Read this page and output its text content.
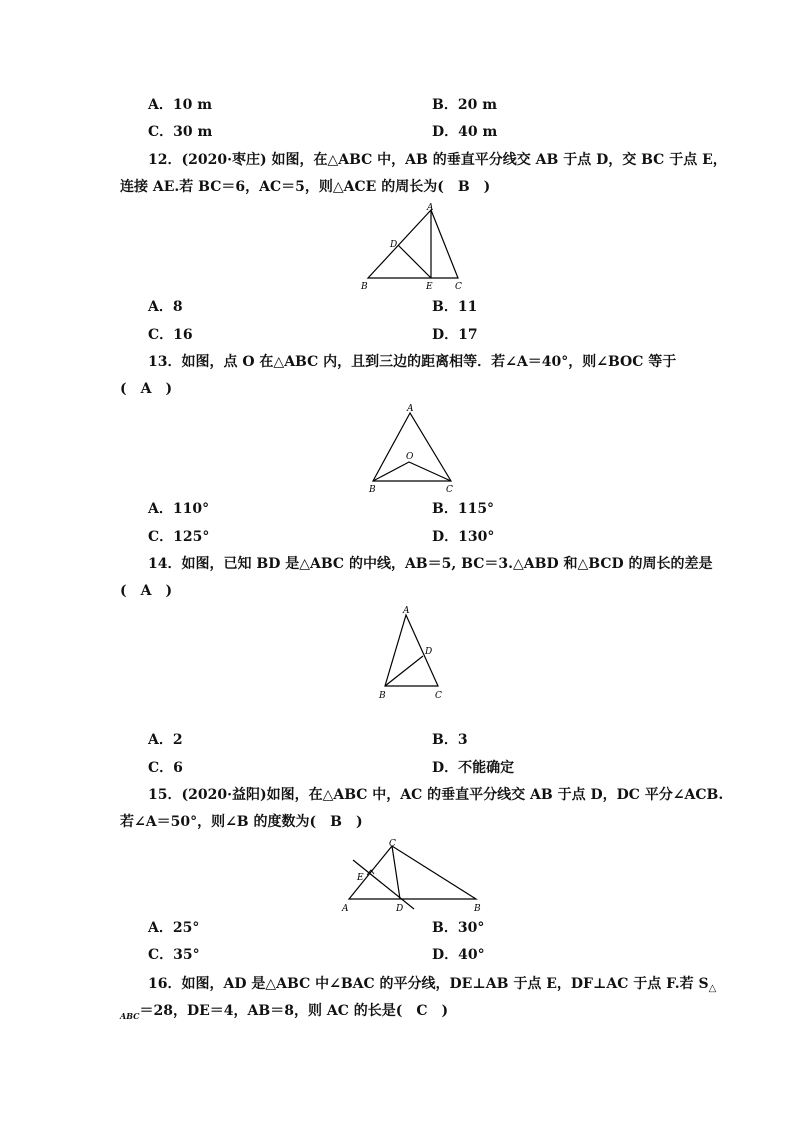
A．10 m	B．20 m
C．30 m	D．40 m
12．(2020·枣庄) 如图，在△ABC 中，AB 的垂直平分线交 AB 于点 D，交 BC 于点 E，
连接 AE.若 BC＝6，AC＝5，则△ACE 的周长为(　B　)
A
D
B	E C
A．8	B．11
C．16	D．17
13．如图，点 O 在△ABC 内，且到三边的距离相等．若∠A＝40°，则∠BOC 等于
(　A　)
A
O
B	C
A．110°	B．115°
C．125°	D．130°
14．如图，已知 BD 是△ABC 的中线，AB＝5, BC＝3.△ABD 和△BCD 的周长的差是
(　A　)
A
D
B	C
A．2	B．3
C．6	D．不能确定
15．(2020·益阳)如图，在△ABC 中，AC 的垂直平分线交 AB 于点 D，DC 平分∠ACB.
若∠A＝50°，则∠B 的度数为(　B　)
C
E
A	D	B
A．25°	B．30°
C．35°	D．40°
16．如图，AD 是△ABC 中∠BAC 的平分线，DE⊥AB 于点 E，DF⊥AC 于点 F.若 $S_\triangle$
$_{ABC}$＝28，DE＝4，AB＝8，则 AC 的长是(　C　)
